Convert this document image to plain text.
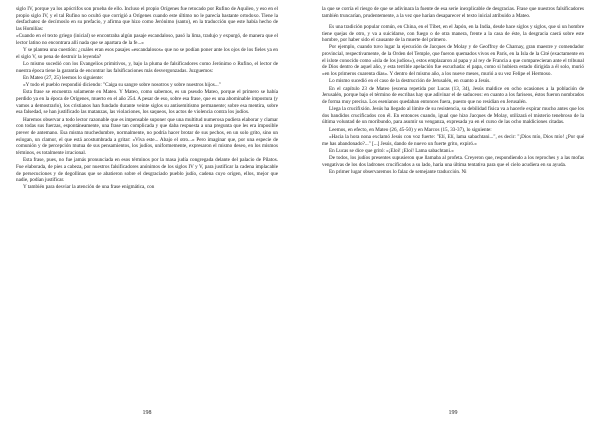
siglo IV, porque ya los apócrifos son prueba de ello. Incluso el propio Orígenes fue retocado por Rufino de Aquileo, y eso en el propio siglo IV, y el tal Rufino no ocultó que corrigió a Orígenes cuando este último no le parecía bastante ortodoxo. Tiene la desfachatez de decírnoslo en su prefacio, y afirma que hizo como Jerónimo (santo), en la traducción que este había hecho de las Homilías:

«Cuando en el texto griego (inicial) se encontraba algún pasaje escandaloso, pasó la lima, tradujo y expurgó, de manera que el lector latino no encontrara allí nada que se apartara de la fe...»

Y se plantea una cuestión: ¿cuáles eran esos pasajes «escandalosos» que no se podían poner ante los ojos de los fieles ya en el siglo V, so pena de destruir la leyenda?

Lo mismo sucedió con los Evangelios primitivos, y, bajo la pluma de falsificadores como Jerónimo o Rufino, el lector de nuestra época tiene la garantía de encontrar las falsificaciones más desvergonzadas. Juzguemos:

En Mateo (27, 25) leemos lo siguiente:

«Y todo el pueblo respondió diciendo: "Caiga su sangre sobre nosotros y sobre nuestros hijos..."

Esta frase se encuentra solamente en Mateo. Y Mateo, como sabemos, es un pseudo Mateo, porque el primero se había perdido ya en la época de Orígenes, muerto en el año 254. A pesar de eso, sobre esa frase, que es una abominable impostura (y vamos a demostrarlo), los cristianos han fundado durante veinte siglos su antisemitismo permanente; sobre esa mentira, sobre esa falsedad, se han justificado las matanzas, las violaciones, los saqueos, los actos de violencia contra los judíos.

Haremos observar a todo lector razonable que es impensable suponer que una multitud numerosa pudiera elaborar y clamar con todas sus fuerzas, espontáneamente, una frase tan complicada y que daba respuesta a una pregunta que les era imposible prever de antemano. Esa misma muchedumbre, normalmente, no podría hacer brotar de sus pechos, en un solo grito, sino un eslogan, un clamor, el que está acostumbrada a gritar: «Viva este... Abajo el otro...» Pero imaginar que, por una especie de comunión y de percepción mutua de sus pensamientos, los judíos, uniformemente, expresaron el mismo deseo, en los mismos términos, es totalmente irracional.

Esta frase, pues, no fue jamás pronunciada en esos términos por la masa judía congregada delante del palacio de Pilatos. Fue elaborada, de pies a cabeza, por nuestros falsificadores anónimos de los siglos IV y V, para justificar la cadena implacable de persecuciones y de degollinas que se abatieron sobre el desgraciado pueblo judío, cadena cuyo origen, ellos, mejor que nadie, podían justificar.

Y también para desviar la atención de una frase enigmática, con

198

la que se corría el riesgo de que se adivinara la fuente de esa serie inexplicable de desgracias. Frase que nuestros falsificadores también truncarían, prudentemente, a la vez que harían desaparecer el texto inicial atribuido a Mateo.

Es una tradición popular común, en China, en el Tíbet, en el Japón, en la India, desde hace siglos y siglos, que si un hombre tiene quejas de otro, y va a suicidarse, con fuego o de otra manera, frente a la casa de éste, la desgracia caerá sobre este hombre, por haber sido el causante de la muerte del primero.

Por ejemplo, cuando tuvo lugar la ejecución de Jacques de Molay y de Geoffroy de Charnay, gran maestre y comendador provincial, respectivamente, de la Orden del Temple, que fueron quemados vivos en París, en la Isla de la Cité (exactamente en el islote conocido como «isla de los judíos»), estos emplazaron al papa y al rey de Francia a que comparecieran ante el tribunal de Dios dentro de aquel año, y esta terrible apelación fue escuchada: el papa, como si hubiera estado dirigida a él solo, murió «en los primeros cuarenta días». Y dentro del mismo año, a los nueve meses, murió a su vez Felipe el Hermoso.

Lo mismo sucedió en el caso de la destrucción de Jerusalén, en cuanto a Jesús.

En el capítulo 23 de Mateo (escena repetida por Lucas (13, 34), Jesús maldice en ocho ocasiones a la población de Jerusalén, porque bajo el término de escribas hay que adivinar el de saduceos: en cuanto a los fariseos, éstos fueron nombrados de forma muy precisa. Los esenianos quedaban entonces fuera, puesto que no residían en Jerusalén.

Llega la crucifixión. Jesús ha llegado al límite de su resistencia, su debilidad física va a hacerle expirar mucho antes que los dos bandidos crucificados con él. En entonces cuando, igual que hizo Jacques de Molay, utilizará el misterio tenebroso de la última voluntad de un moribundo, para asumir su venganza, expresada ya en el curso de las ocho maldiciones citadas.

Leemos, en efecto, en Mateo (26, 45-50) y en Marcos (15, 33-37), lo siguiente:

«Hacia la hora nona exclamó Jesús con voz fuerte: "Elí, Elí, lama sabachtani...", es decir: "¡Dios mío, Dios mío! ¿Por qué me has abandonado?..." [...] Jesús, dando de nuevo un fuerte grito, expiró.»

En Lucas se dice que gritó: «¡Eloí! ¡Eloí! Lama sabachtani.»

De todos, los judíos presentes supusieron que llamaba al profeta. Creyeron que, respondiendo a los reproches y a las mofas vengativas de los dos ladrones crucificados a su lado, haría una última tentativa para que el cielo acudiera en su ayuda.

En primer lugar observaremos lo falaz de semejante traducción. Ni

199
